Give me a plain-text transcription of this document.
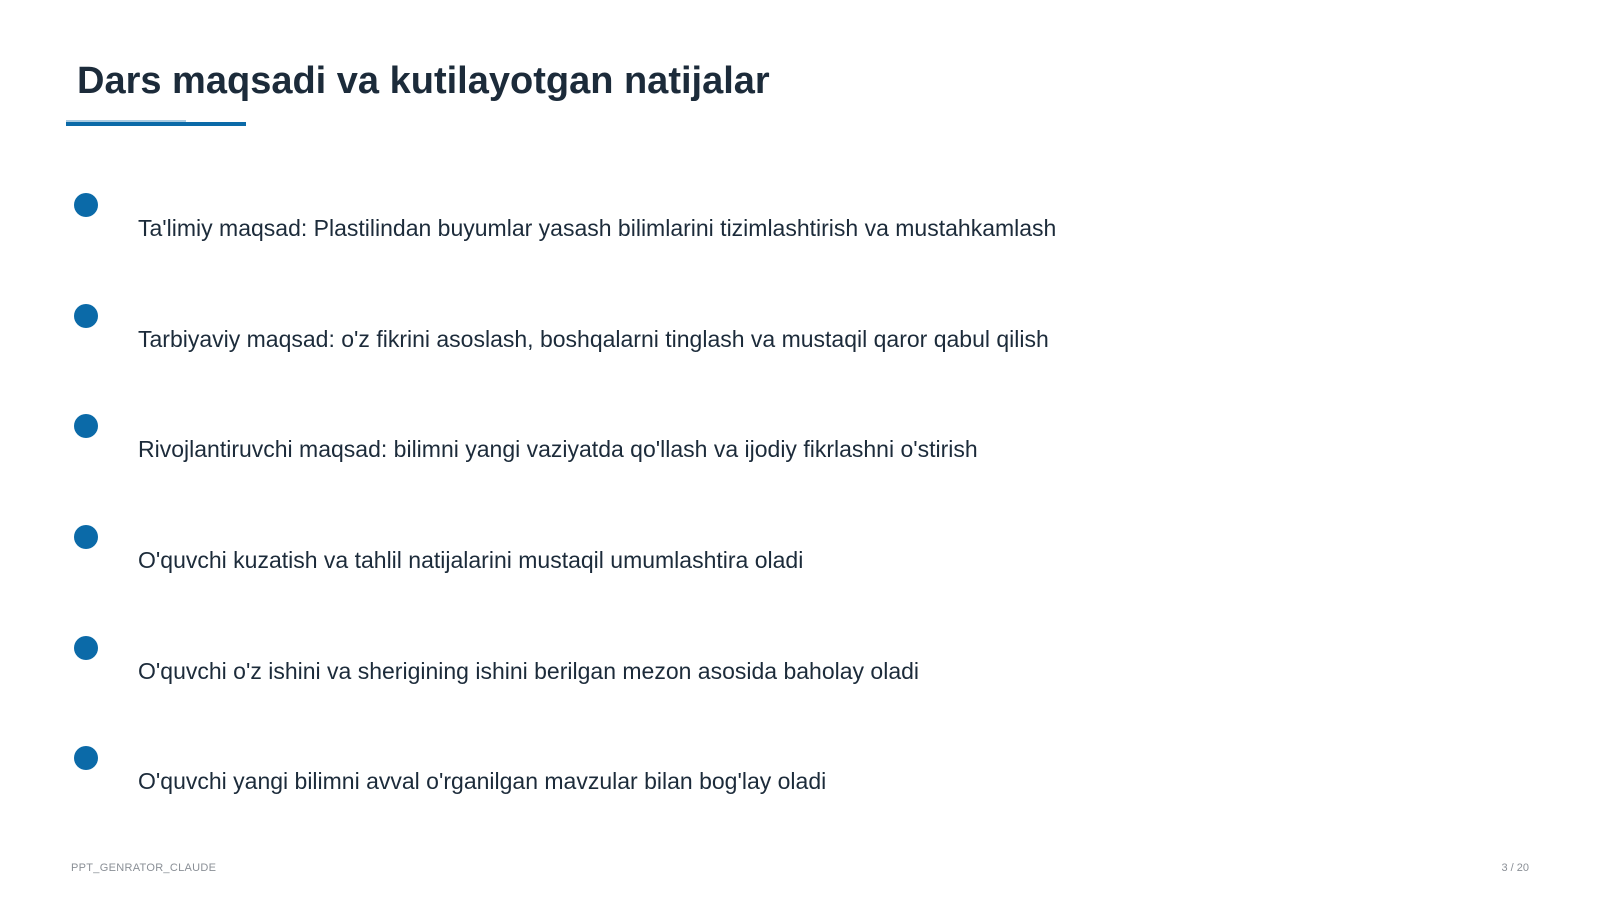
Dars maqsadi va kutilayotgan natijalar
Ta'limiy maqsad: Plastilindan buyumlar yasash bilimlarini tizimlashtirish va mustahkamlash
Tarbiyaviy maqsad: o'z fikrini asoslash, boshqalarni tinglash va mustaqil qaror qabul qilish
Rivojlantiruvchi maqsad: bilimni yangi vaziyatda qo'llash va ijodiy fikrlashni o'stirish
O'quvchi kuzatish va tahlil natijalarini mustaqil umumlashtira oladi
O'quvchi o'z ishini va sherigining ishini berilgan mezon asosida baholay oladi
O'quvchi yangi bilimni avval o'rganilgan mavzular bilan bog'lay oladi
PPT_GENRATOR_CLAUDE	3 / 20
